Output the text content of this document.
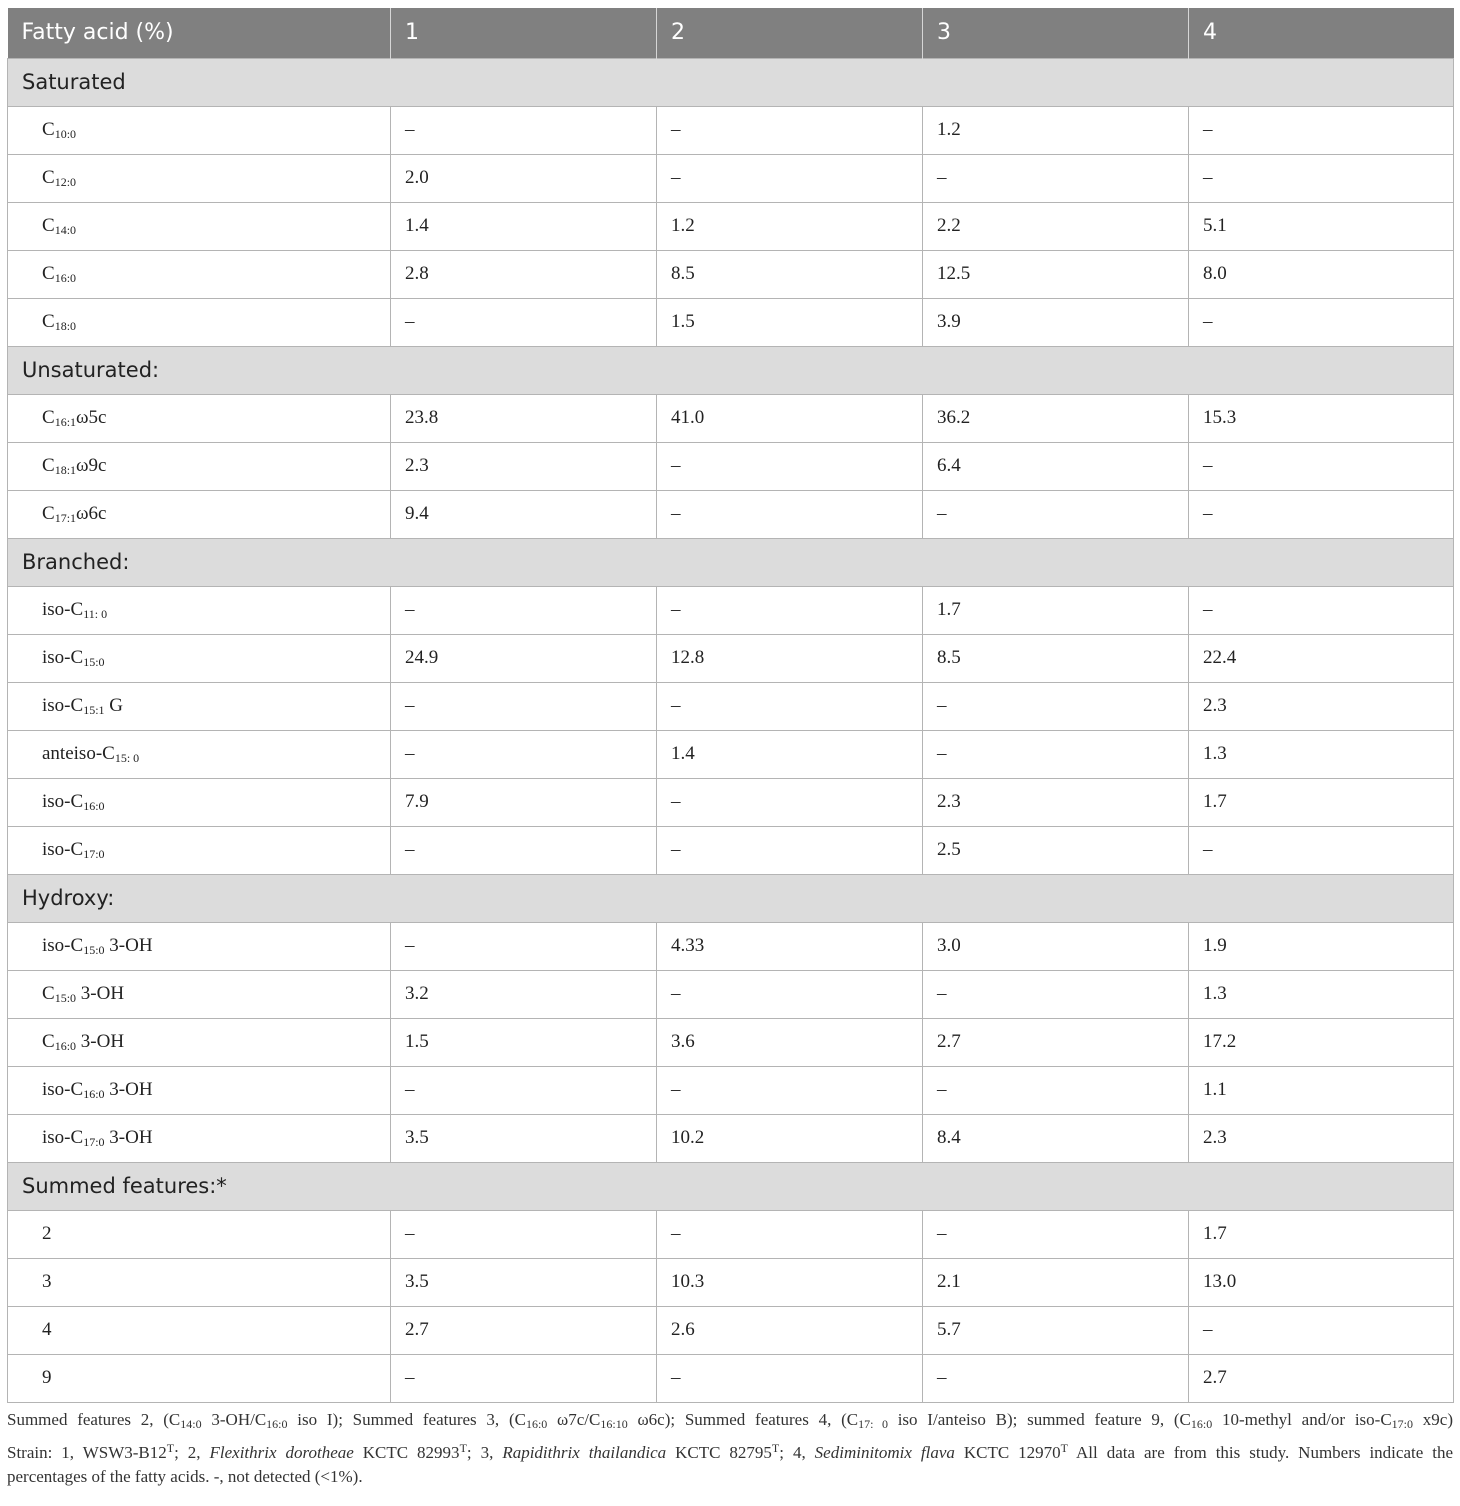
Fatty acid (%)	1	2	3	4
Saturated				
$C_{10:0}$	–	–	1.2	–
$C_{12:0}$	2.0	–	–	–
$C_{14:0}$	1.4	1.2	2.2	5.1
$C_{16:0}$	2.8	8.5	12.5	8.0
$C_{18:0}$	–	1.5	3.9	–
Unsaturated:				
$C_{16:1}\omega 5c$	23.8	41.0	36.2	15.3
$C_{18:1}\omega 9c$	2.3	–	6.4	–
$C_{17:1}\omega 6c$	9.4	–	–	–
Branched:				
iso-$C_{11: 0}$	–	–	1.7	–
iso-$C_{15:0}$	24.9	12.8	8.5	22.4
iso-$C_{15:1}$ G	–	–	–	2.3
anteiso-$C_{15: 0}$	–	1.4	–	1.3
iso-$C_{16:0}$	7.9	–	2.3	1.7
iso-$C_{17:0}$	–	–	2.5	–
Hydroxy:				
iso-$C_{15:0}$ 3-OH	–	4.33	3.0	1.9
$C_{15:0}$ 3-OH	3.2	–	–	1.3
$C_{16:0}$ 3-OH	1.5	3.6	2.7	17.2
iso-$C_{16:0}$ 3-OH	–	–	–	1.1
iso-$C_{17:0}$ 3-OH	3.5	10.2	8.4	2.3
Summed features:*				
2	–	–	–	1.7
3	3.5	10.3	2.1	13.0
4	2.7	2.6	5.7	–
9	–	–	–	2.7

Summed features 2, ($C_{14:0}$ $3-OH/C_{16:0}$ iso I); Summed features 3, ($C_{16:0}$ $\omega 7c/C_{16:10}$ ω6c); Summed features 4, ($C_{17: 0}$ iso I/anteiso B); summed feature 9, ($C_{16:0}$ 10-methyl and/or iso-$C_{17:0}$ x9c)

Strain: 1, $WSW3-B12^T$; 2, Flexithrix dorotheae KCTC $82993^T$; 3, Rapidithrix thailandica KCTC $82795^T$; 4, Sediminitomix flava KCTC $12970^T$ All data are from this study. Numbers indicate the

percentages of the fatty acids. -, not detected (<1%).
